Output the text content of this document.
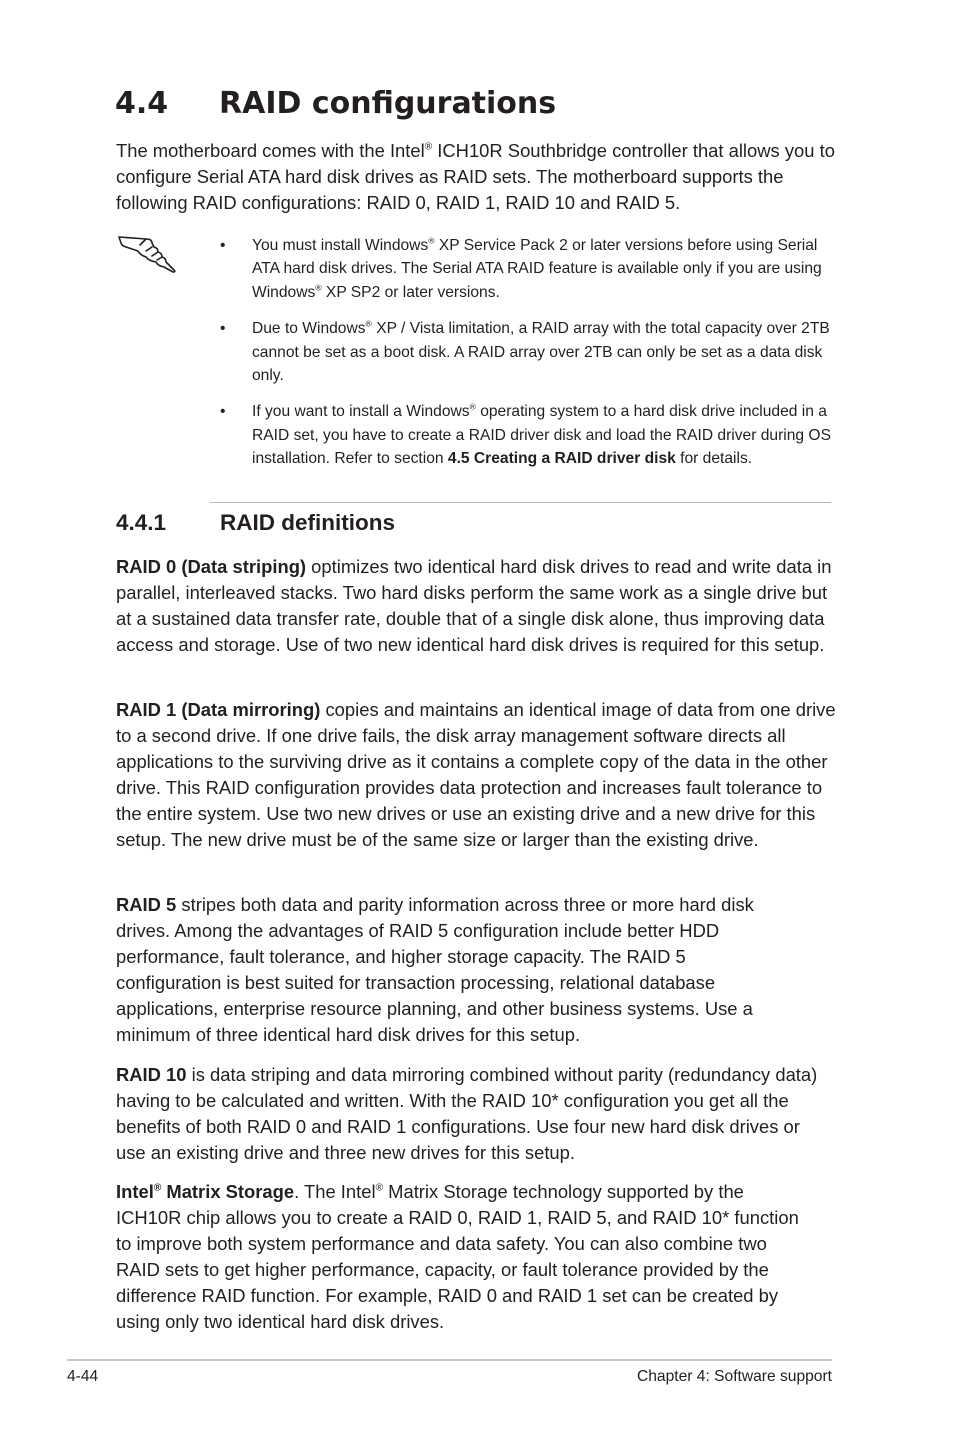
4.4 RAID configurations

The motherboard comes with the Intel® ICH10R Southbridge controller that allows you to configure Serial ATA hard disk drives as RAID sets. The motherboard supports the following RAID configurations: RAID 0, RAID 1, RAID 10 and RAID 5.

• You must install Windows® XP Service Pack 2 or later versions before using Serial ATA hard disk drives. The Serial ATA RAID feature is available only if you are using Windows® XP SP2 or later versions.

• Due to Windows® XP / Vista limitation, a RAID array with the total capacity over 2TB cannot be set as a boot disk. A RAID array over 2TB can only be set as a data disk only.

• If you want to install a Windows® operating system to a hard disk drive included in a RAID set, you have to create a RAID driver disk and load the RAID driver during OS installation. Refer to section 4.5 Creating a RAID driver disk for details.

4.4.1 RAID definitions

RAID 0 (Data striping) optimizes two identical hard disk drives to read and write data in parallel, interleaved stacks. Two hard disks perform the same work as a single drive but at a sustained data transfer rate, double that of a single disk alone, thus improving data access and storage. Use of two new identical hard disk drives is required for this setup.

RAID 1 (Data mirroring) copies and maintains an identical image of data from one drive to a second drive. If one drive fails, the disk array management software directs all applications to the surviving drive as it contains a complete copy of the data in the other drive. This RAID configuration provides data protection and increases fault tolerance to the entire system. Use two new drives or use an existing drive and a new drive for this setup. The new drive must be of the same size or larger than the existing drive.

RAID 5 stripes both data and parity information across three or more hard disk drives. Among the advantages of RAID 5 configuration include better HDD performance, fault tolerance, and higher storage capacity. The RAID 5 configuration is best suited for transaction processing, relational database applications, enterprise resource planning, and other business systems. Use a minimum of three identical hard disk drives for this setup.

RAID 10 is data striping and data mirroring combined without parity (redundancy data) having to be calculated and written. With the RAID 10* configuration you get all the benefits of both RAID 0 and RAID 1 configurations. Use four new hard disk drives or use an existing drive and three new drives for this setup.

Intel® Matrix Storage. The Intel® Matrix Storage technology supported by the ICH10R chip allows you to create a RAID 0, RAID 1, RAID 5, and RAID 10* function to improve both system performance and data safety. You can also combine two RAID sets to get higher performance, capacity, or fault tolerance provided by the difference RAID function. For example, RAID 0 and RAID 1 set can be created by using only two identical hard disk drives.

4-44	Chapter 4: Software support
